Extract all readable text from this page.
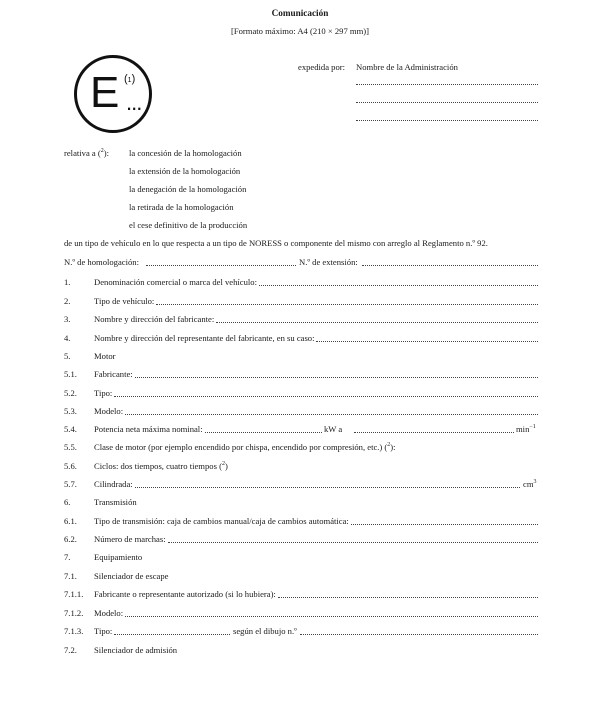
Comunicación
[Formato máximo: A4 (210 × 297 mm)]
E (1)
...
expedida por: Nombre de la Administración
relativa a ($^2$): la concesión de la homologación
la extensión de la homologación
la denegación de la homologación
la retirada de la homologación
el cese definitivo de la producción
de un tipo de vehículo en lo que respecta a un tipo de NORESS o componente del mismo con arreglo al Reglamento n.º 92.
N.º de homologación:	N.º de extensión:
1.	Denominación comercial o marca del vehículo:
2.	Tipo de vehículo:
3.	Nombre y dirección del fabricante:
4.	Nombre y dirección del representante del fabricante, en su caso:
5.	Motor
5.1. Fabricante:
5.2. Tipo:
5.3. Modelo:
5.4. Potencia neta máxima nominal:	kW a	$\min^{-1}$
5.5. Clase de motor (por ejemplo encendido por chispa, encendido por compresión, etc.) ($^2$):
5.6. Ciclos: dos tiempos, cuatro tiempos ($^2$)
5.7. Cilindrada:	$cm^3$
6.	Transmisión
6.1. Tipo de transmisión: caja de cambios manual/caja de cambios automática:
6.2. Número de marchas:
7.	Equipamiento
7.1. Silenciador de escape
7.1.1. Fabricante o representante autorizado (si lo hubiera):
7.1.2. Modelo:
7.1.3. Tipo:	según el dibujo n.º
7.2. Silenciador de admisión
